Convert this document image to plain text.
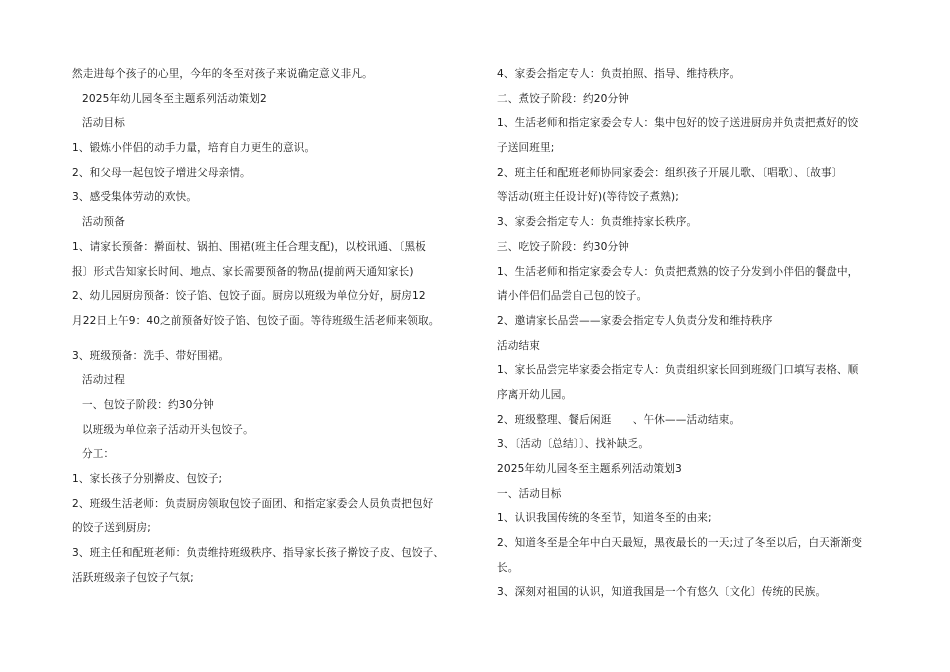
然走进每个孩子的心里，今年的冬至对孩子来说确定意义非凡。
2025年幼儿园冬至主题系列活动策划2
活动目标
1、锻炼小伴侣的动手力量，培育自力更生的意识。
2、和父母一起包饺子增进父母亲情。
3、感受集体劳动的欢快。
活动预备
1、请家长预备：擀面杖、锅拍、围裙(班主任合理支配)，以校讯通、〔黑板
报〕形式告知家长时间、地点、家长需要预备的物品(提前两天通知家长)
2、幼儿园厨房预备：饺子馅、包饺子面。厨房以班级为单位分好，厨房12
月22日上午9：40之前预备好饺子馅、包饺子面。等待班级生活老师来领取。
3、班级预备：洗手、带好围裙。
活动过程
一、包饺子阶段：约30分钟
以班级为单位亲子活动开头包饺子。
分工：
1、家长孩子分别擀皮、包饺子;
2、班级生活老师：负责厨房领取包饺子面团、和指定家委会人员负责把包好
的饺子送到厨房;
3、班主任和配班老师：负责维持班级秩序、指导家长孩子擀饺子皮、包饺子、
活跃班级亲子包饺子气氛;
4、家委会指定专人：负责拍照、指导、维持秩序。
二、煮饺子阶段：约20分钟
1、生活老师和指定家委会专人：集中包好的饺子送进厨房并负责把煮好的饺
子送回班里;
2、班主任和配班老师协同家委会：组织孩子开展儿歌、〔唱歌〕、〔故事〕
等活动(班主任设计好)(等待饺子煮熟);
3、家委会指定专人：负责维持家长秩序。
三、吃饺子阶段：约30分钟
1、生活老师和指定家委会专人：负责把煮熟的饺子分发到小伴侣的餐盘中，
请小伴侣们品尝自己包的饺子。
2、邀请家长品尝——家委会指定专人负责分发和维持秩序
活动结束
1、家长品尝完毕家委会指定专人：负责组织家长回到班级门口填写表格、顺
序离开幼儿园。
2、班级整理、餐后闲逛　　、午休——活动结束。
3、〔活动〔总结〕〕、找补缺乏。
2025年幼儿园冬至主题系列活动策划3
一、活动目标
1、认识我国传统的冬至节，知道冬至的由来;
2、知道冬至是全年中白天最短，黑夜最长的一天;过了冬至以后，白天渐渐变
长。
3、深刻对祖国的认识，知道我国是一个有悠久〔文化〕传统的民族。
